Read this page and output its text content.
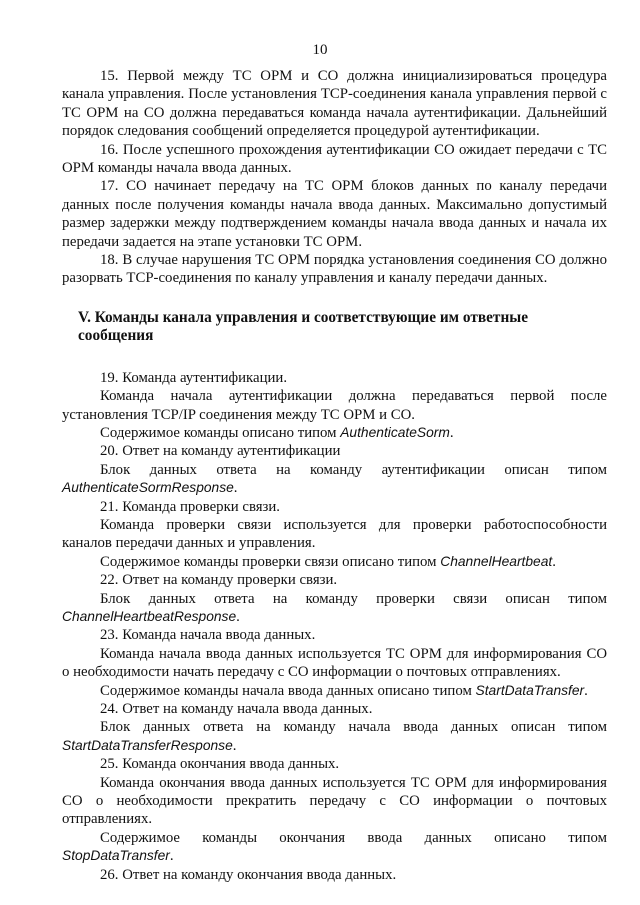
10

15. Первой между ТС ОРМ и СО должна инициализироваться процедура канала управления. После установления TCP-соединения канала управления первой с ТС ОРМ на СО должна передаваться команда начала аутентификации. Дальнейший порядок следования сообщений определяется процедурой аутентификации.

16. После успешного прохождения аутентификации СО ожидает передачи с ТС ОРМ команды начала ввода данных.

17. СО начинает передачу на ТС ОРМ блоков данных по каналу передачи данных после получения команды начала ввода данных. Максимально допустимый размер задержки между подтверждением команды начала ввода данных и начала их передачи задается на этапе установки ТС ОРМ.

18. В случае нарушения ТС ОРМ порядка установления соединения СО должно разорвать TCP-соединения по каналу управления и каналу передачи данных.

V. Команды канала управления и соответствующие им ответные сообщения

19. Команда аутентификации.

Команда начала аутентификации должна передаваться первой после установления TCP/IP соединения между ТС ОРМ и СО.

Содержимое команды описано типом AuthenticateSorm.

20. Ответ на команду аутентификации

Блок данных ответа на команду аутентификации описан типом AuthenticateSormResponse.

21. Команда проверки связи.

Команда проверки связи используется для проверки работоспособности каналов передачи данных и управления.

Содержимое команды проверки связи описано типом ChannelHeartbeat.

22. Ответ на команду проверки связи.

Блок данных ответа на команду проверки связи описан типом ChannelHeartbeatResponse.

23. Команда начала ввода данных.

Команда начала ввода данных используется ТС ОРМ для информирования СО о необходимости начать передачу с СО информации о почтовых отправлениях.

Содержимое команды начала ввода данных описано типом StartDataTransfer.

24. Ответ на команду начала ввода данных.

Блок данных ответа на команду начала ввода данных описан типом StartDataTransferResponse.

25. Команда окончания ввода данных.

Команда окончания ввода данных используется ТС ОРМ для информирования СО о необходимости прекратить передачу с СО информации о почтовых отправлениях.

Содержимое команды окончания ввода данных описано типом StopDataTransfer.

26. Ответ на команду окончания ввода данных.
